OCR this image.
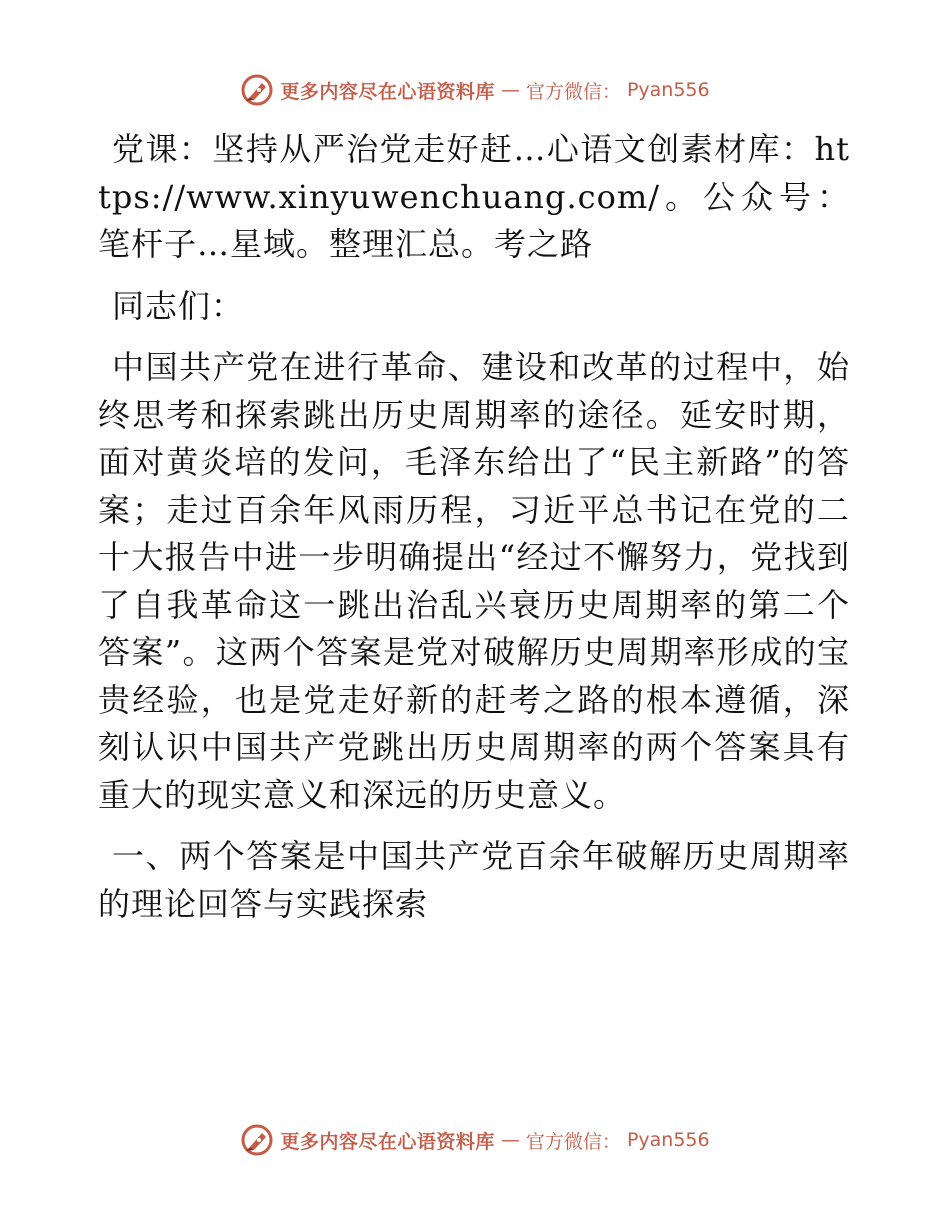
更多内容尽在心语资料库 — 官方微信： Pyan556

党课：坚持从严治党走好赶…心语文创素材库：https://www.xinyuwenchuang.com/。公众号：笔杆子…星域。整理汇总。考之路

同志们：

中国共产党在进行革命、建设和改革的过程中，始终思考和探索跳出历史周期率的途径。延安时期，面对黄炎培的发问，毛泽东给出了“民主新路”的答案；走过百余年风雨历程，习近平总书记在党的二十大报告中进一步明确提出“经过不懈努力，党找到了自我革命这一跳出治乱兴衰历史周期率的第二个答案”。这两个答案是党对破解历史周期率形成的宝贵经验，也是党走好新的赶考之路的根本遵循，深刻认识中国共产党跳出历史周期率的两个答案具有重大的现实意义和深远的历史意义。

一、两个答案是中国共产党百余年破解历史周期率的理论回答与实践探索

更多内容尽在心语资料库 — 官方微信： Pyan556
